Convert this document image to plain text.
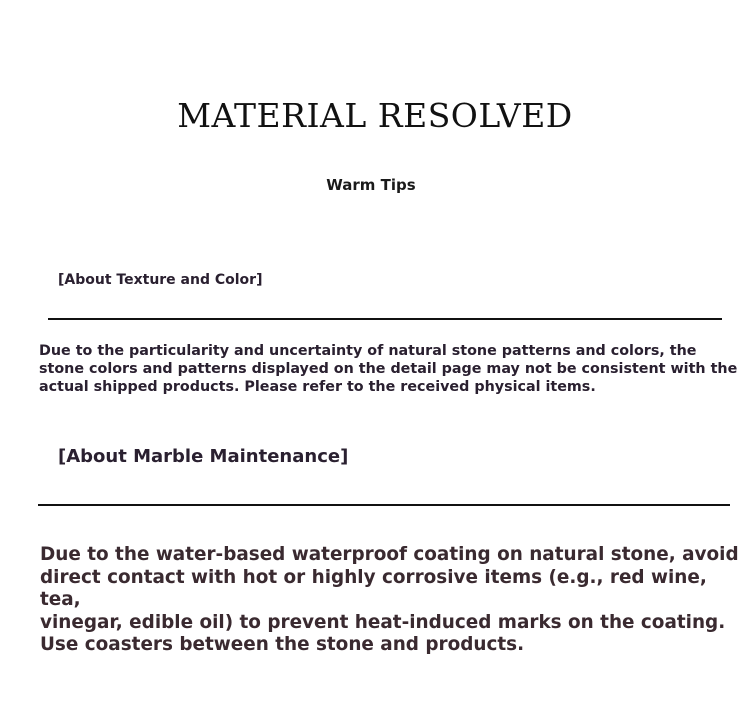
MATERIAL RESOLVED
Warm Tips
[About Texture and Color]

Due to the particularity and uncertainty of natural stone patterns and colors, the
stone colors and patterns displayed on the detail page may not be consistent with the
actual shipped products. Please refer to the received physical items.

[About Marble Maintenance]

Due to the water-based waterproof coating on natural stone, avoid
direct contact with hot or highly corrosive items (e.g., red wine, tea,
vinegar, edible oil) to prevent heat-induced marks on the coating.
Use coasters between the stone and products.
